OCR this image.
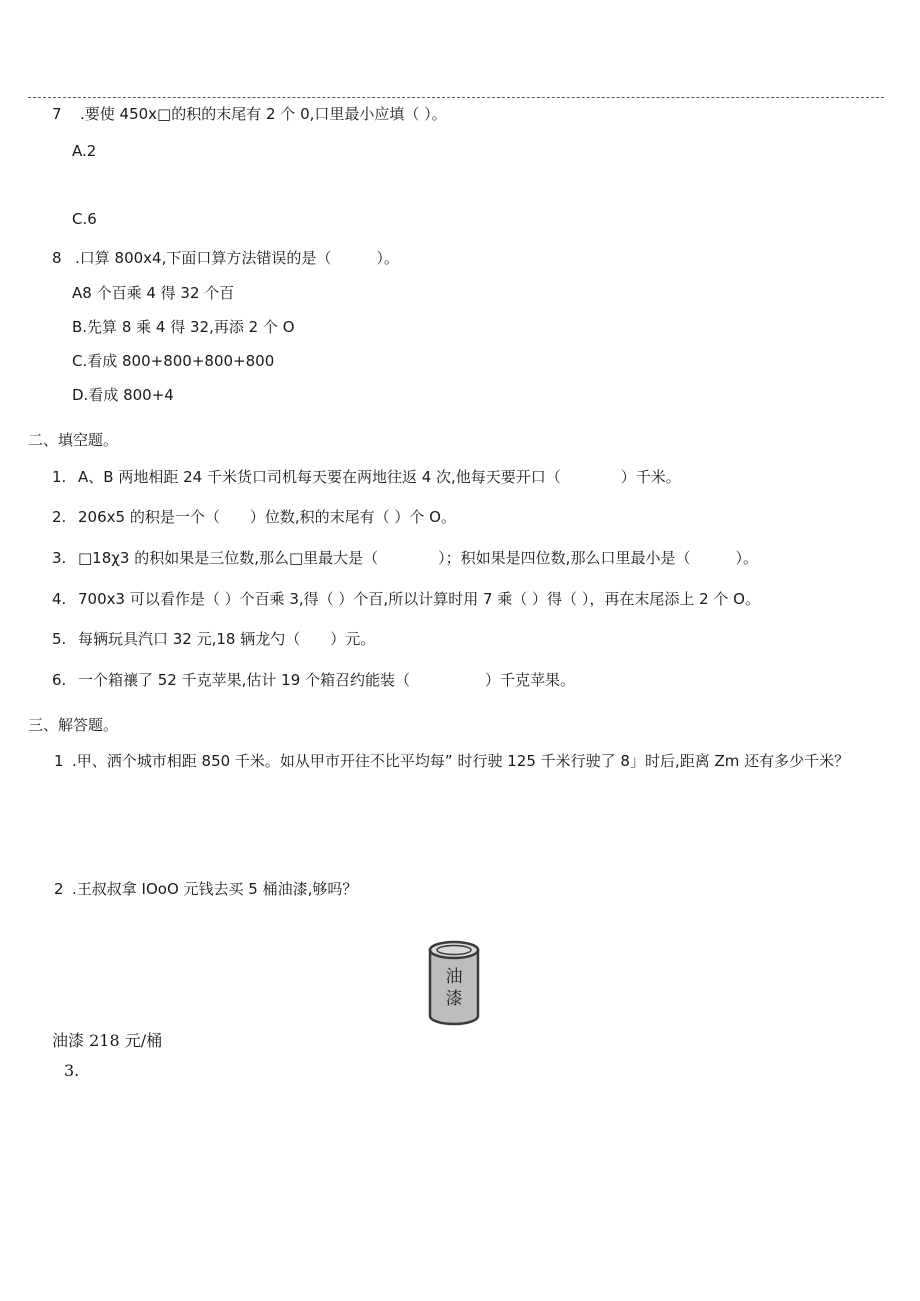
7 .要使 450x□的积的末尾有 2 个 0,口里最小应填（ ）。
A.2
C.6
8 .口算 800x4,下面口算方法错误的是（　　　）。
A8 个百乘 4 得 32 个百
B.先算 8 乘 4 得 32,再添 2 个 O
C.看成 800+800+800+800
D.看成 800+4
二、填空题。
1. A、B 两地相距 24 千米货口司机每天要在两地往返 4 次,他每天要开口（　　　　）千米。
2. 206x5 的积是一个（　　）位数,积的末尾有（ ）个 O。
3. □18χ3 的积如果是三位数,那么□里最大是（　　　　）；积如果是四位数,那么口里最小是（　　　）。
4. 700x3 可以看作是（ ）个百乘 3,得（ ）个百,所以计算时用 7 乘（ ）得（ ），再在末尾添上 2 个 O。
5. 每辆玩具汽口 32 元,18 辆龙勺（　　）元。
6. 一个箱禳了 52 千克苹果,估计 19 个箱召约能装（　　　　　）千克苹果。
三、解答题。
1 .甲、洒个城市相距 850 千米。如从甲市开往不比平均每” 时行驶 125 千米行驶了 8」时后,距离 Zm 还有多少千米？
2 .王叔叔拿 IOoO 元钱去买 5 桶油漆,够吗？
油
漆
油漆 218 元/桶
3.
